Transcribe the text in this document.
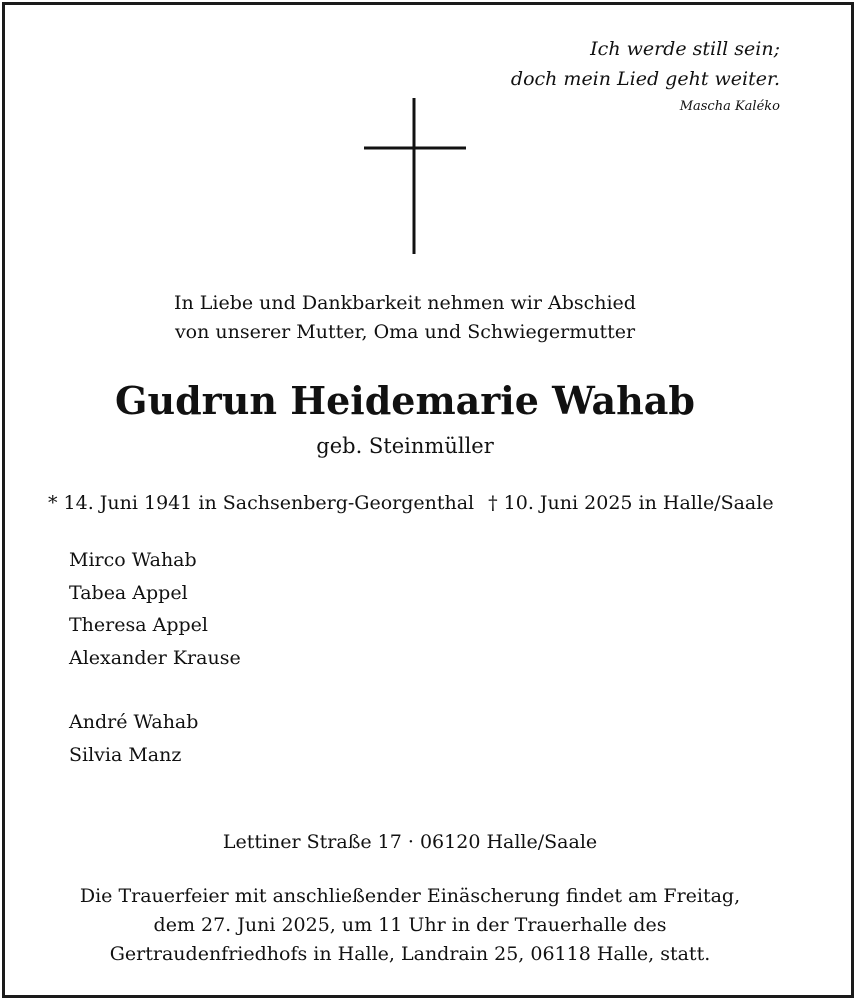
Ich werde still sein;
doch mein Lied geht weiter.
Mascha Kaléko
In Liebe und Dankbarkeit nehmen wir Abschied
von unserer Mutter, Oma und Schwiegermutter
Gudrun Heidemarie Wahab
geb. Steinmüller
* 14. Juni 1941 in Sachsenberg-Georgenthal † 10. Juni 2025 in Halle/Saale
Mirco Wahab
Tabea Appel
Theresa Appel
Alexander Krause
André Wahab
Silvia Manz
Lettiner Straße 17 · 06120 Halle/Saale
Die Trauerfeier mit anschließender Einäscherung findet am Freitag,
dem 27. Juni 2025, um 11 Uhr in der Trauerhalle des
Gertraudenfriedhofs in Halle, Landrain 25, 06118 Halle, statt.
